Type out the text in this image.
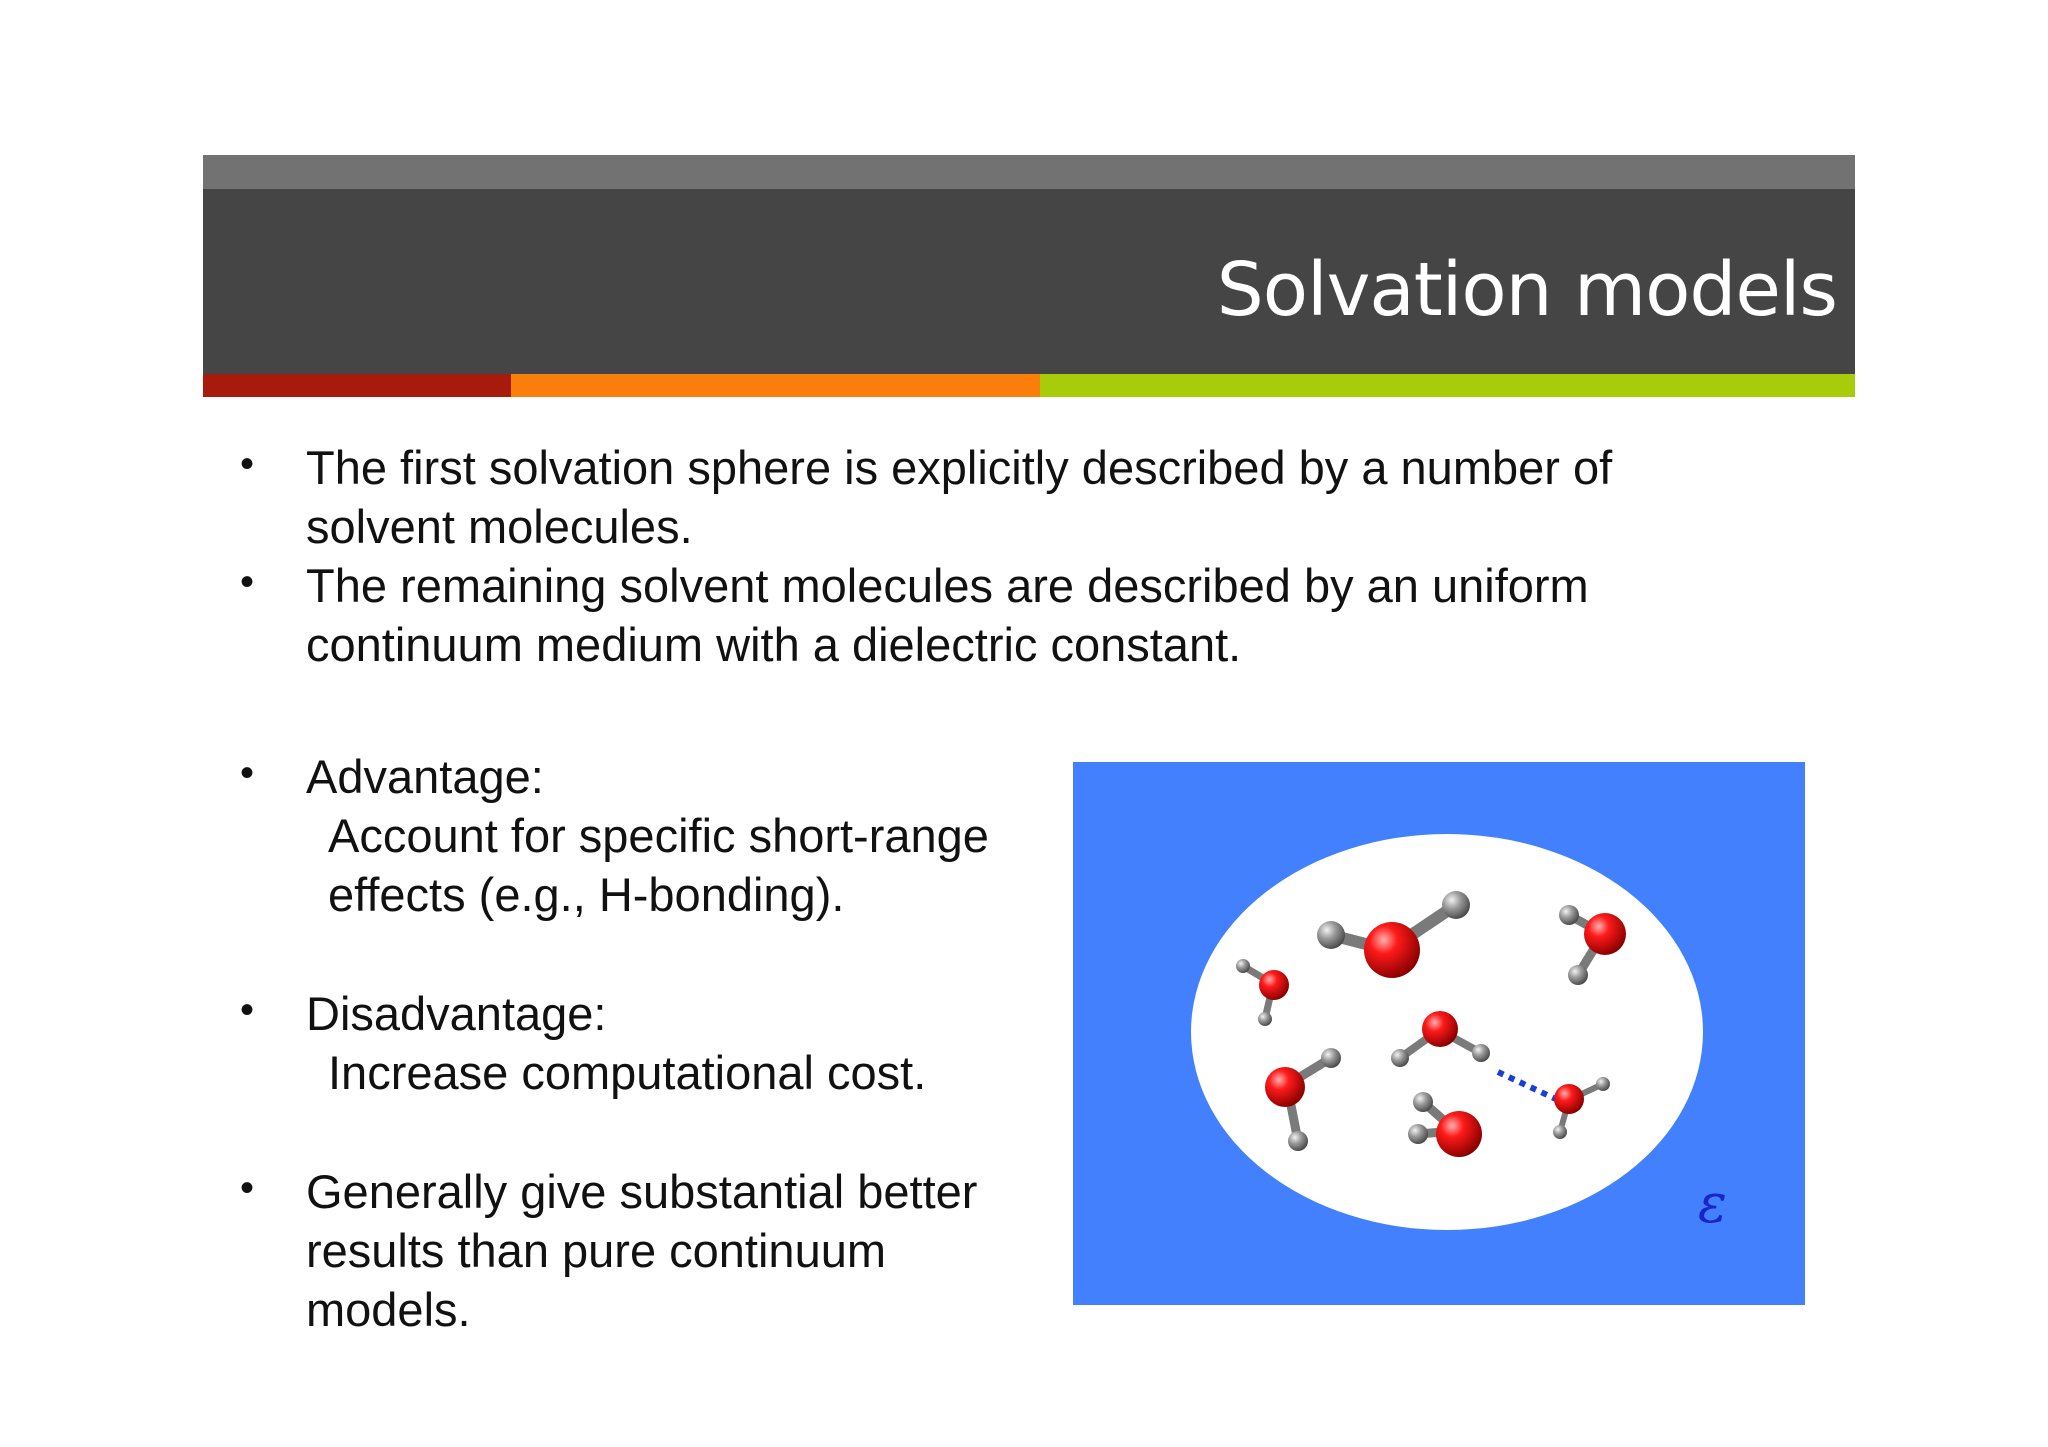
Solvation models
• The first solvation sphere is explicitly described by a number of
solvent molecules.
• The remaining solvent molecules are described by an uniform
continuum medium with a dielectric constant.
• Advantage:
Account for specific short-range
effects (e.g., H-bonding).
• Disadvantage:
Increase computational cost.
• Generally give substantial better
results than pure continuum
models.
ε
